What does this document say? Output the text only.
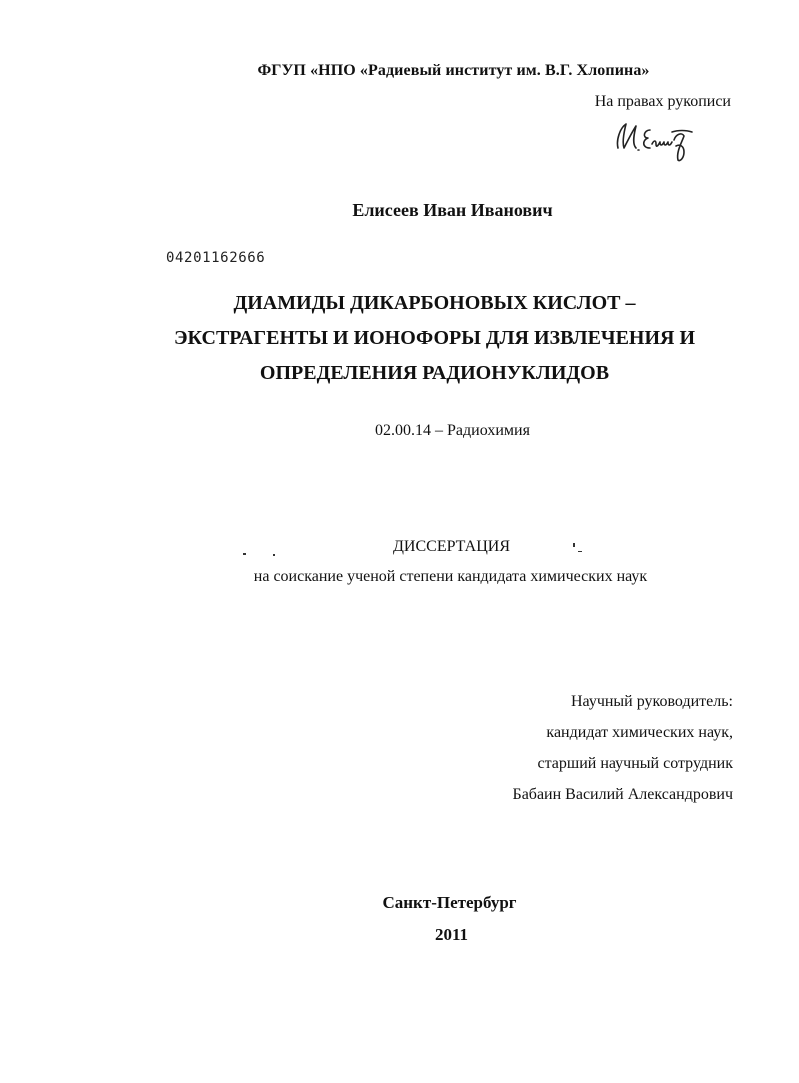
ФГУП «НПО «Радиевый институт им. В.Г. Хлопина»
На правах рукописи
Елисеев Иван Иванович
04201162666
ДИАМИДЫ ДИКАРБОНОВЫХ КИСЛОТ –
ЭКСТРАГЕНТЫ И ИОНОФОРЫ ДЛЯ ИЗВЛЕЧЕНИЯ И
ОПРЕДЕЛЕНИЯ РАДИОНУКЛИДОВ
02.00.14 – Радиохимия
ДИССЕРТАЦИЯ
на соискание ученой степени кандидата химических наук
Научный руководитель:
кандидат химических наук,
старший научный сотрудник
Бабаин Василий Александрович
Санкт-Петербург
2011
